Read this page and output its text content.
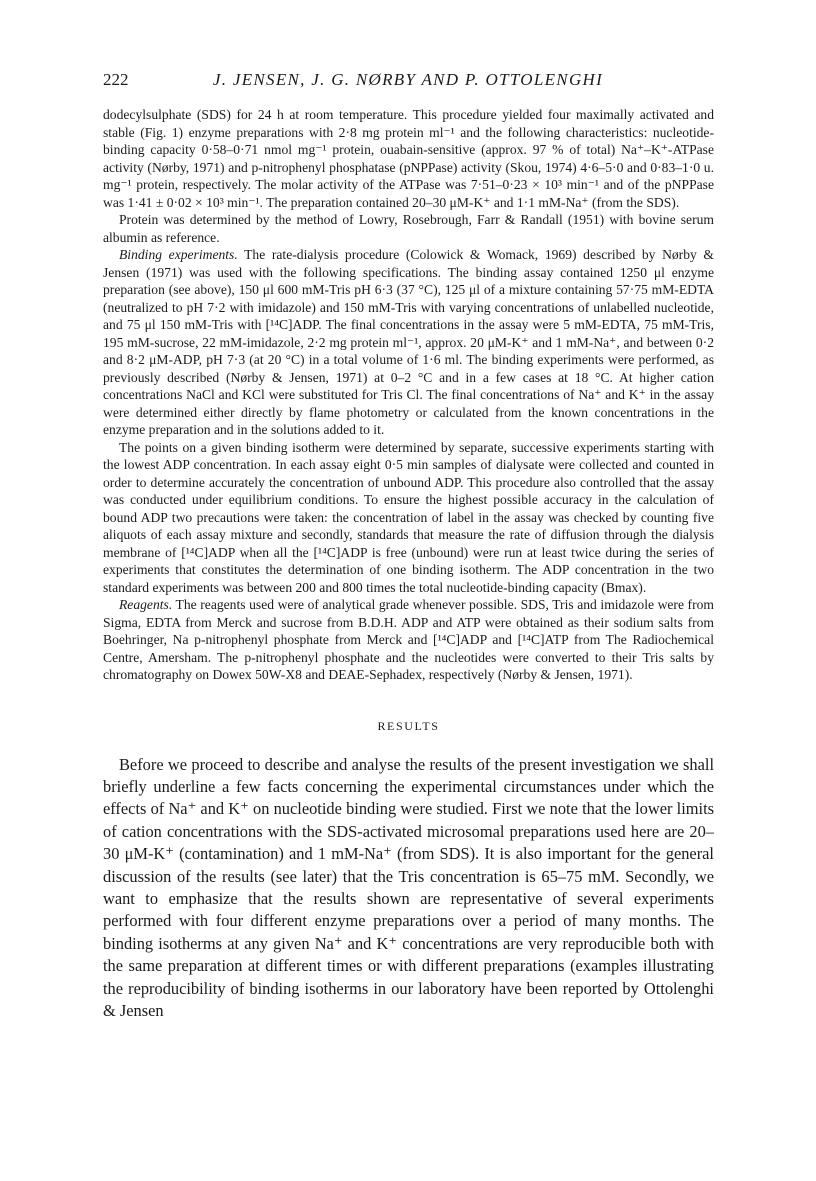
222	J. JENSEN, J. G. NØRBY AND P. OTTOLENGHI

dodecylsulphate (SDS) for 24 h at room temperature. This procedure yielded four maximally activated and stable (Fig. 1) enzyme preparations with 2·8 mg protein ml⁻¹ and the following characteristics: nucleotide-binding capacity 0·58–0·71 nmol mg⁻¹ protein, ouabain-sensitive (approx. 97 % of total) Na⁺–K⁺-ATPase activity (Nørby, 1971) and p-nitrophenyl phosphatase (pNPPase) activity (Skou, 1974) 4·6–5·0 and 0·83–1·0 u. mg⁻¹ protein, respectively. The molar activity of the ATPase was 7·51–0·23 × 10³ min⁻¹ and of the pNPPase was 1·41 ± 0·02 × 10³ min⁻¹. The preparation contained 20–30 μM-K⁺ and 1·1 mM-Na⁺ (from the SDS).

Protein was determined by the method of Lowry, Rosebrough, Farr & Randall (1951) with bovine serum albumin as reference.

Binding experiments. The rate-dialysis procedure (Colowick & Womack, 1969) described by Nørby & Jensen (1971) was used with the following specifications. The binding assay contained 1250 μl enzyme preparation (see above), 150 μl 600 mM-Tris pH 6·3 (37 °C), 125 μl of a mixture containing 57·75 mM-EDTA (neutralized to pH 7·2 with imidazole) and 150 mM-Tris with varying concentrations of unlabelled nucleotide, and 75 μl 150 mM-Tris with [¹⁴C]ADP. The final concentrations in the assay were 5 mM-EDTA, 75 mM-Tris, 195 mM-sucrose, 22 mM-imidazole, 2·2 mg protein ml⁻¹, approx. 20 μM-K⁺ and 1 mM-Na⁺, and between 0·2 and 8·2 μM-ADP, pH 7·3 (at 20 °C) in a total volume of 1·6 ml. The binding experiments were performed, as previously described (Nørby & Jensen, 1971) at 0–2 °C and in a few cases at 18 °C. At higher cation concentrations NaCl and KCl were substituted for Tris Cl. The final concentrations of Na⁺ and K⁺ in the assay were determined either directly by flame photometry or calculated from the known concentrations in the enzyme preparation and in the solutions added to it.

The points on a given binding isotherm were determined by separate, successive experiments starting with the lowest ADP concentration. In each assay eight 0·5 min samples of dialysate were collected and counted in order to determine accurately the concentration of unbound ADP. This procedure also controlled that the assay was conducted under equilibrium conditions. To ensure the highest possible accuracy in the calculation of bound ADP two precautions were taken: the concentration of label in the assay was checked by counting five aliquots of each assay mixture and secondly, standards that measure the rate of diffusion through the dialysis membrane of [¹⁴C]ADP when all the [¹⁴C]ADP is free (unbound) were run at least twice during the series of experiments that constitutes the determination of one binding isotherm. The ADP concentration in the two standard experiments was between 200 and 800 times the total nucleotide-binding capacity (Bmax).

Reagents. The reagents used were of analytical grade whenever possible. SDS, Tris and imidazole were from Sigma, EDTA from Merck and sucrose from B.D.H. ADP and ATP were obtained as their sodium salts from Boehringer, Na p-nitrophenyl phosphate from Merck and [¹⁴C]ADP and [¹⁴C]ATP from The Radiochemical Centre, Amersham. The p-nitrophenyl phosphate and the nucleotides were converted to their Tris salts by chromatography on Dowex 50W-X8 and DEAE-Sephadex, respectively (Nørby & Jensen, 1971).

RESULTS

Before we proceed to describe and analyse the results of the present investigation we shall briefly underline a few facts concerning the experimental circumstances under which the effects of Na⁺ and K⁺ on nucleotide binding were studied. First we note that the lower limits of cation concentrations with the SDS-activated microsomal preparations used here are 20–30 μM-K⁺ (contamination) and 1 mM-Na⁺ (from SDS). It is also important for the general discussion of the results (see later) that the Tris concentration is 65–75 mM. Secondly, we want to emphasize that the results shown are representative of several experiments performed with four different enzyme preparations over a period of many months. The binding isotherms at any given Na⁺ and K⁺ concentrations are very reproducible both with the same preparation at different times or with different preparations (examples illustrating the reproducibility of binding isotherms in our laboratory have been reported by Ottolenghi & Jensen
